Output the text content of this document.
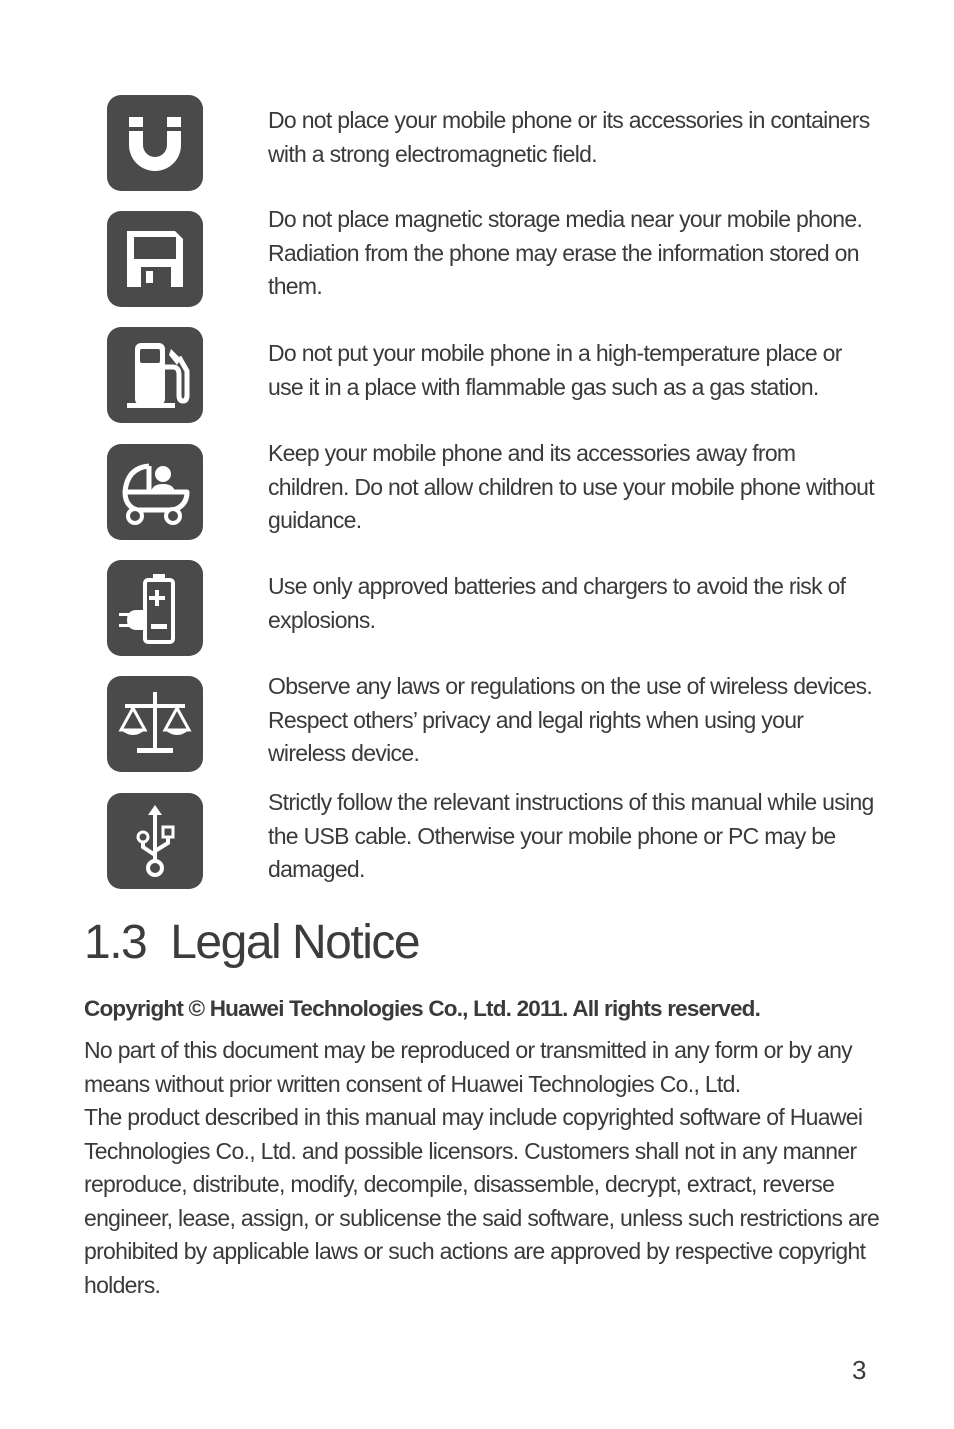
Do not place your mobile phone or its accessories in containers with a strong electromagnetic field.

Do not place magnetic storage media near your mobile phone. Radiation from the phone may erase the information stored on them.

Do not put your mobile phone in a high-temperature place or use it in a place with flammable gas such as a gas station.

Keep your mobile phone and its accessories away from children. Do not allow children to use your mobile phone without guidance.

Use only approved batteries and chargers to avoid the risk of explosions.

Observe any laws or regulations on the use of wireless devices. Respect others’ privacy and legal rights when using your wireless device.

Strictly follow the relevant instructions of this manual while using the USB cable. Otherwise your mobile phone or PC may be damaged.

1.3 Legal Notice

Copyright © Huawei Technologies Co., Ltd. 2011. All rights reserved.

No part of this document may be reproduced or transmitted in any form or by any means without prior written consent of Huawei Technologies Co., Ltd.

The product described in this manual may include copyrighted software of Huawei Technologies Co., Ltd. and possible licensors. Customers shall not in any manner reproduce, distribute, modify, decompile, disassemble, decrypt, extract, reverse engineer, lease, assign, or sublicense the said software, unless such restrictions are prohibited by applicable laws or such actions are approved by respective copyright holders.

3
